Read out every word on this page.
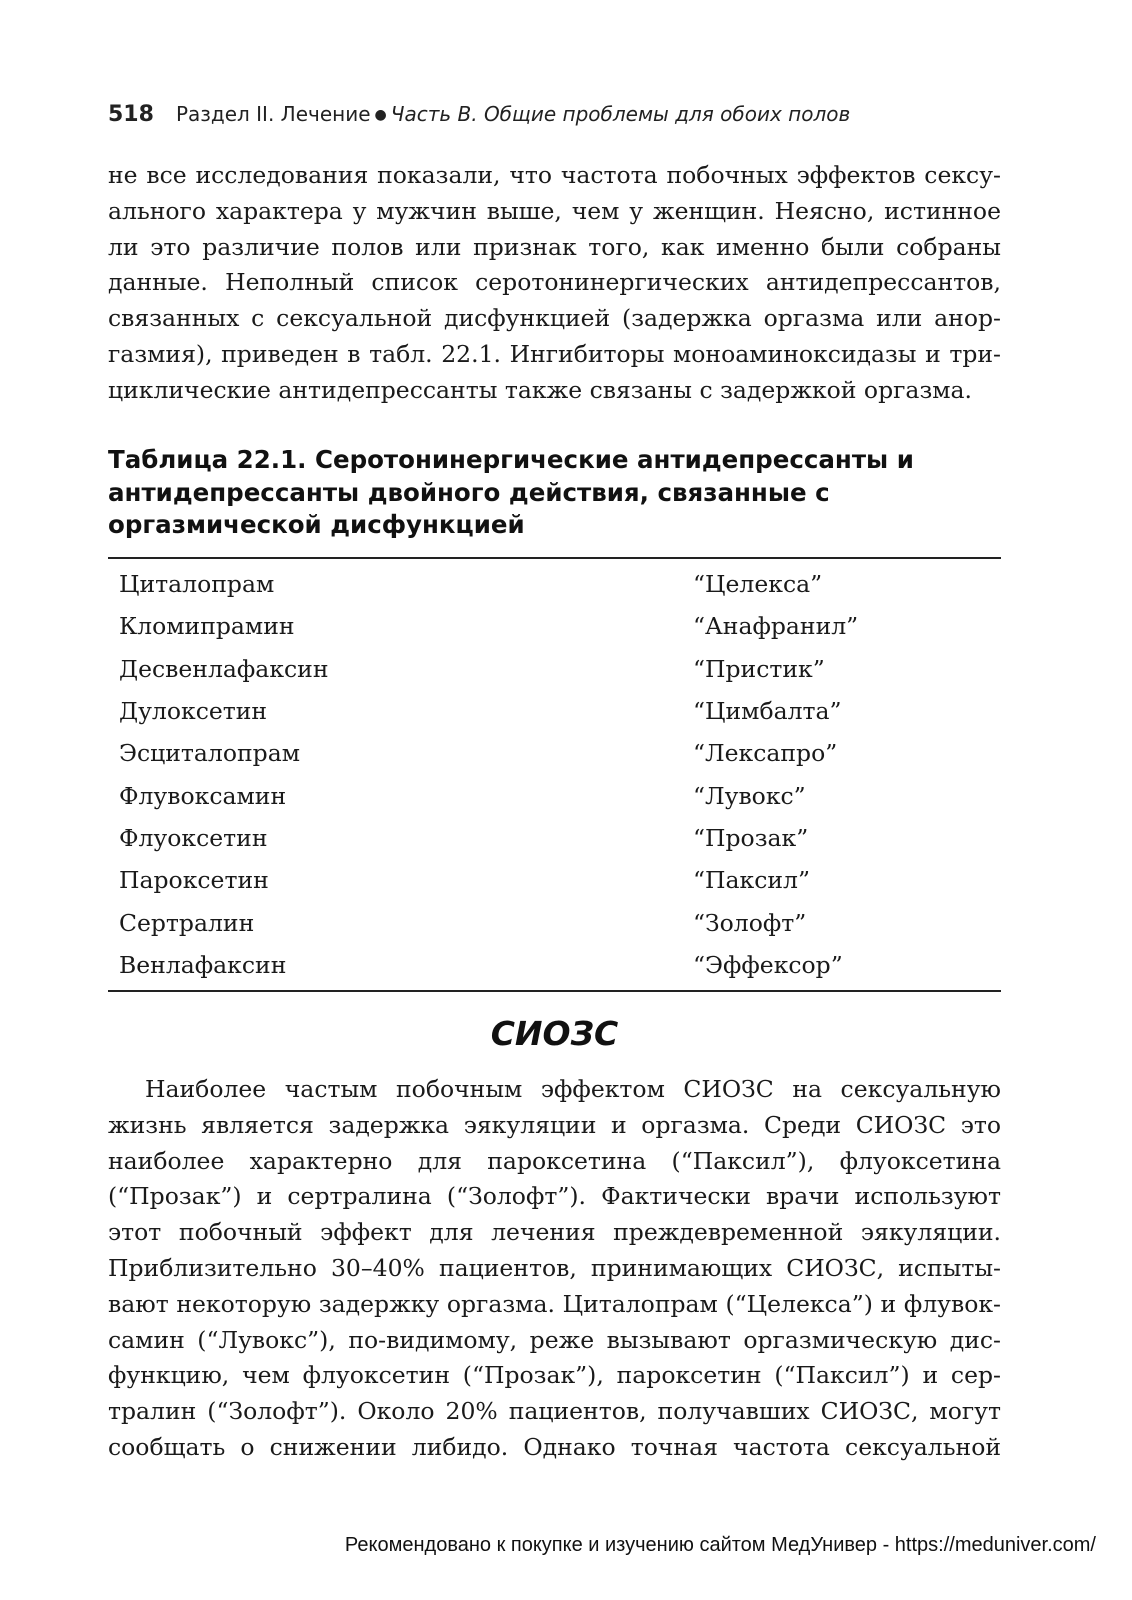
518 Раздел II. Лечение ● Часть B. Общие проблемы для обоих полов

не все исследования показали, что частота побочных эффектов сексуального характера у мужчин выше, чем у женщин. Неясно, истинное ли это различие полов или признак того, как именно были собраны данные. Неполный список серотонинергических антидепрессантов, связанных с сексуальной дисфункцией (задержка оргазма или аноргазмия), приведен в табл. 22.1. Ингибиторы моноаминоксидазы и трициклические антидепрессанты также связаны с задержкой оргазма.

Таблица 22.1. Серотонинергические антидепрессанты и антидепрессанты двойного действия, связанные с оргазмической дисфункцией
Циталопрам	“Целекса”
Кломипрамин	“Анафранил”
Десвенлафаксин	“Пристик”
Дулоксетин	“Цимбалта”
Эсциталопрам	“Лексапро”
Флувоксамин	“Лувокс”
Флуоксетин	“Прозак”
Пароксетин	“Паксил”
Сертралин	“Золофт”
Венлафаксин	“Эффексор”
СИОЗС

Наиболее частым побочным эффектом СИОЗС на сексуальную жизнь является задержка эякуляции и оргазма. Среди СИОЗС это наиболее характерно для пароксетина (“Паксил”), флуоксетина (“Прозак”) и сертралина (“Золофт”). Фактически врачи используют этот побочный эффект для лечения преждевременной эякуляции. Приблизительно 30–40% пациентов, принимающих СИОЗС, испытывают некоторую задержку оргазма. Циталопрам (“Целекса”) и флувоксамин (“Лувокс”), по-видимому, реже вызывают оргазмическую дисфункцию, чем флуоксетин (“Прозак”), пароксетин (“Паксил”) и сертралин (“Золофт”). Около 20% пациентов, получавших СИОЗС, могут сообщать о снижении либидо. Однако точная частота сексуальной

Рекомендовано к покупке и изучению сайтом МедУнивер - https://meduniver.com/
